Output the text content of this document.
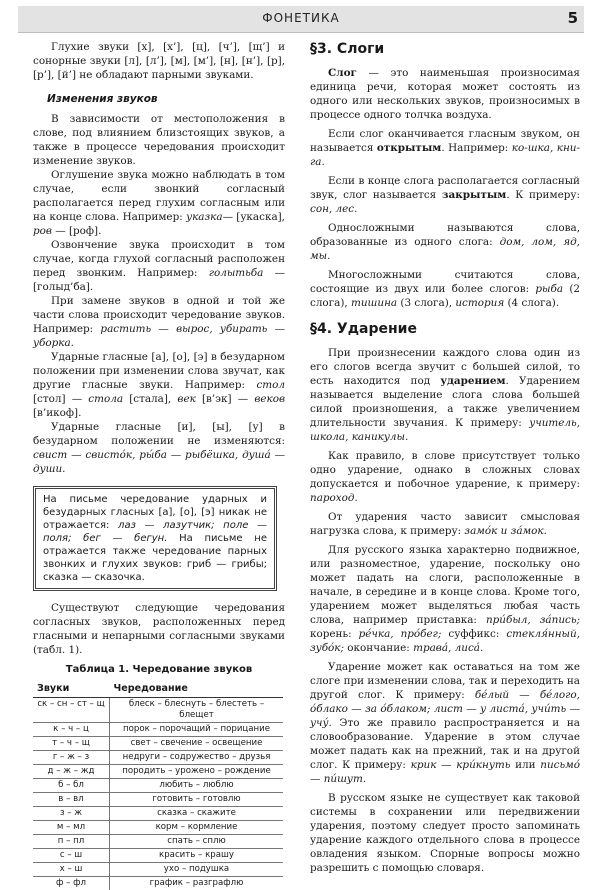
ФОНЕТИКА	5

Глухие звуки [х], [х’], [ц], [ч’], [щ’] и сонорные звуки [л], [л’], [м], [м’], [н], [н’], [р], [р’], [й’] не обладают парными звуками.

Изменения звуков

В зависимости от местоположения в слове, под влиянием близстоящих звуков, а также в процессе чередования происходит изменение звуков.

Оглушение звука можно наблюдать в том случае, если звонкий согласный располагается перед глухим согласным или на конце слова. Например: указка— [укаска], ров — [роф].

Озвончение звука происходит в том случае, когда глухой согласный расположен перед звонким. Например: голытьба — [голыд’ба].

При замене звуков в одной и той же части слова происходит чередование звуков. Например: растить — вырос, убирать — уборка.

Ударные гласные [а], [о], [э] в безударном положении при изменении слова звучат, как другие гласные звуки. Например: стол [стол] — стола [стала], век [в’эк] — веков [в’икоф].

Ударные гласные [и], [ы], [у] в безударном положении не изменяются: свист — свисто́к, ры́ба — рыбёшка, душа́ — души.

На письме чередование ударных и безударных гласных [а], [о], [э] никак не отражается: лаз — лазутчик; поле — поля; бег — бегун. На письме не отражается также чередование парных звонких и глухих звуков: гриб — грибы; сказка — сказочка.

Существуют следующие чередования согласных звуков, расположенных перед гласными и непарными согласными звуками (табл. 1).

Таблица 1. Чередование звуков
Звуки	Чередование
ск – сн – ст – щ	блеск – блеснуть – блестеть – блещет
к – ч – ц	порок – порочащий – порицание
т – ч – щ	свет – свечение – освещение
г – ж – з	недруги – содружество – друзья
д – ж – жд	породить – урожено – рождение
б – бл	любить – люблю
в – вл	готовить – готовлю
з – ж	сказка – скажите
м – мл	корм – кормление
п – пл	спать – сплю
с – ш	красить – крашу
х – ш	ухо – подушка
ф – фл	график – разграфлю
§3. Слоги

Слог — это наименьшая произносимая единица речи, которая может состоять из одного или нескольких звуков, произносимых в процессе одного толчка воздуха.

Если слог оканчивается гласным звуком, он называется открытым. Например: ко-шка, кни-га.

Если в конце слога располагается согласный звук, слог называется закрытым. К примеру: сон, лес.

Односложными называются слова, образованные из одного слога: дом, лом, яд, мы.

Многосложными считаются слова, состоящие из двух или более слогов: рыба (2 слога), тишина (3 слога), история (4 слога).

§4. Ударение

При произнесении каждого слова один из его слогов всегда звучит с большей силой, то есть находится под ударением. Ударением называется выделение слога слова большей силой произношения, а также увеличением длительности звучания. К примеру: учитель, школа, каникулы.

Как правило, в слове присутствует только одно ударение, однако в сложных словах допускается и побочное ударение, к примеру: пароход.

От ударения часто зависит смысловая нагрузка слова, к примеру: замо́к и за́мок.

Для русского языка характерно подвижное, или разноместное, ударение, поскольку оно может падать на слоги, расположенные в начале, в середине и в конце слова. Кроме того, ударением может выделяться любая часть слова, например приставка: при́был, за́пись; корень: ре́чка, про́бег; суффикс: стекля́нный, зубо́к; окончание: трава́, лиса́.

Ударение может как оставаться на том же слоге при изменении слова, так и переходить на другой слог. К примеру: бе́лый — бе́лого, о́блако — за о́блаком; лист — у листа́, учи́ть — учу́. Это же правило распространяется и на словообразование. Ударение в этом случае может падать как на прежний, так и на другой слог. К примеру: крик — кри́кнуть или письмо́ — пи́шут.

В русском языке не существует как таковой системы в сохранении или передвижении ударения, поэтому следует просто запоминать ударение каждого отдельного слова в процессе овладения языком. Спорные вопросы можно разрешить с помощью словаря.
